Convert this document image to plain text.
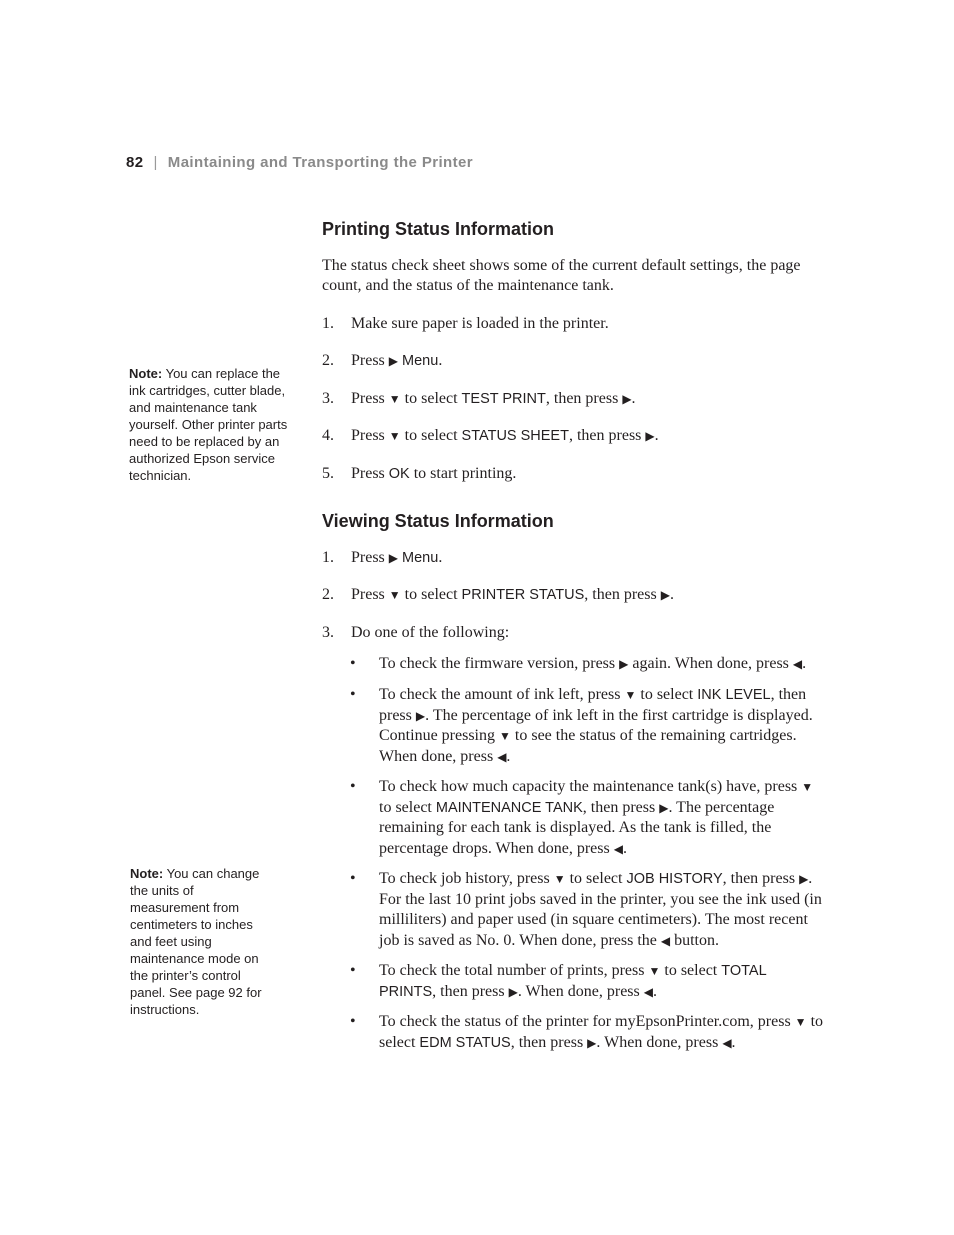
82 | Maintaining and Transporting the Printer
Note: You can replace the ink cartridges, cutter blade, and maintenance tank yourself. Other printer parts need to be replaced by an authorized Epson service technician.
Note: You can change the units of measurement from centimeters to inches and feet using maintenance mode on the printer’s control panel. See page 92 for instructions.
Printing Status Information

The status check sheet shows some of the current default settings, the page count, and the status of the maintenance tank.

1. Make sure paper is loaded in the printer.
2. Press ▶ Menu.
3. Press ▼ to select TEST PRINT, then press ▶.
4. Press ▼ to select STATUS SHEET, then press ▶.
5. Press OK to start printing.
Viewing Status Information
1. Press ▶ Menu.
2. Press ▼ to select PRINTER STATUS, then press ▶.
3. Do one of the following:
• To check the firmware version, press ▶ again. When done, press ◀.
• To check the amount of ink left, press ▼ to select INK LEVEL, then press ▶. The percentage of ink left in the first cartridge is displayed. Continue pressing ▼ to see the status of the remaining cartridges. When done, press ◀.
• To check how much capacity the maintenance tank(s) have, press ▼ to select MAINTENANCE TANK, then press ▶. The percentage remaining for each tank is displayed. As the tank is filled, the percentage drops. When done, press ◀.
• To check job history, press ▼ to select JOB HISTORY, then press ▶. For the last 10 print jobs saved in the printer, you see the ink used (in milliliters) and paper used (in square centimeters). The most recent job is saved as No. 0. When done, press the ◀ button.
• To check the total number of prints, press ▼ to select TOTAL PRINTS, then press ▶. When done, press ◀.
• To check the status of the printer for myEpsonPrinter.com, press ▼ to select EDM STATUS, then press ▶. When done, press ◀.
